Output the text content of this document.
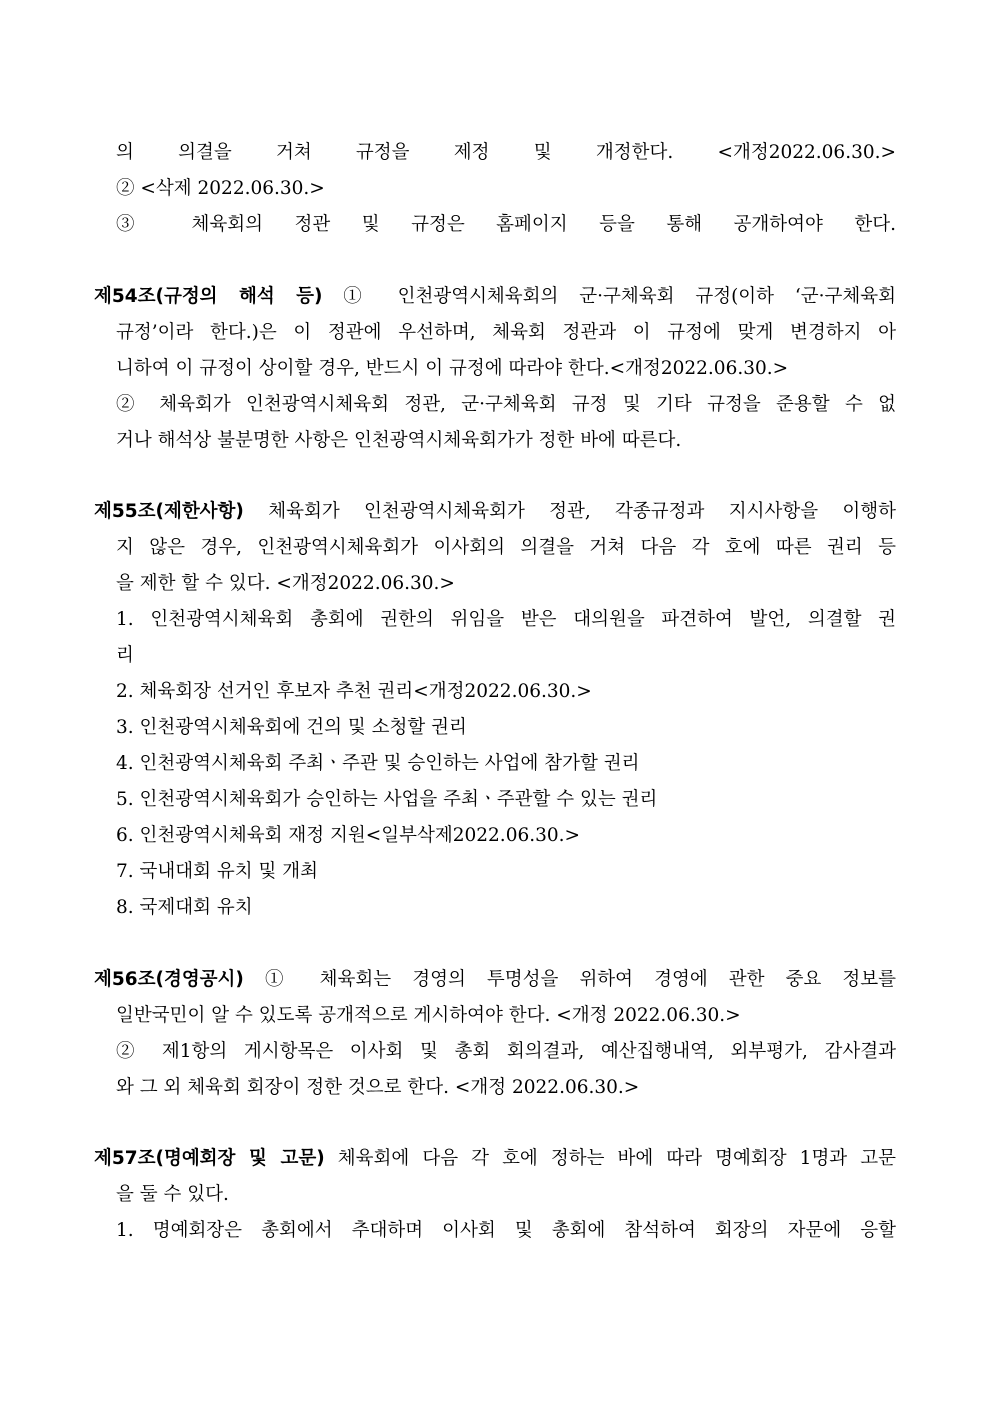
의 의결을 거쳐 규정을 제정 및 개정한다. <개정2022.06.30.>
② <삭제 2022.06.30.>
③ 체육회의 정관 및 규정은 홈페이지 등을 통해 공개하여야 한다.
제54조(규정의 해석 등) ① 인천광역시체육회의 군·구체육회 규정(이하 ‘군·구체육회
규정’이라 한다.)은 이 정관에 우선하며, 체육회 정관과 이 규정에 맞게 변경하지 아
니하여 이 규정이 상이할 경우, 반드시 이 규정에 따라야 한다.<개정2022.06.30.>
② 체육회가 인천광역시체육회 정관, 군·구체육회 규정 및 기타 규정을 준용할 수 없
거나 해석상 불분명한 사항은 인천광역시체육회가가 정한 바에 따른다.
제55조(제한사항) 체육회가 인천광역시체육회가 정관, 각종규정과 지시사항을 이행하
지 않은 경우, 인천광역시체육회가 이사회의 의결을 거쳐 다음 각 호에 따른 권리 등
을 제한 할 수 있다. <개정2022.06.30.>
1. 인천광역시체육회 총회에 권한의 위임을 받은 대의원을 파견하여 발언, 의결할 권
리
2. 체육회장 선거인 후보자 추천 권리<개정2022.06.30.>
3. 인천광역시체육회에 건의 및 소청할 권리
4. 인천광역시체육회 주최ㆍ주관 및 승인하는 사업에 참가할 권리
5. 인천광역시체육회가 승인하는 사업을 주최ㆍ주관할 수 있는 권리
6. 인천광역시체육회 재정 지원<일부삭제2022.06.30.>
7. 국내대회 유치 및 개최
8. 국제대회 유치
제56조(경영공시) ① 체육회는 경영의 투명성을 위하여 경영에 관한 중요 정보를
일반국민이 알 수 있도록 공개적으로 게시하여야 한다. <개정 2022.06.30.>
② 제1항의 게시항목은 이사회 및 총회 회의결과, 예산집행내역, 외부평가, 감사결과
와 그 외 체육회 회장이 정한 것으로 한다. <개정 2022.06.30.>
제57조(명예회장 및 고문) 체육회에 다음 각 호에 정하는 바에 따라 명예회장 1명과 고문
을 둘 수 있다.
1. 명예회장은 총회에서 추대하며 이사회 및 총회에 참석하여 회장의 자문에 응할
